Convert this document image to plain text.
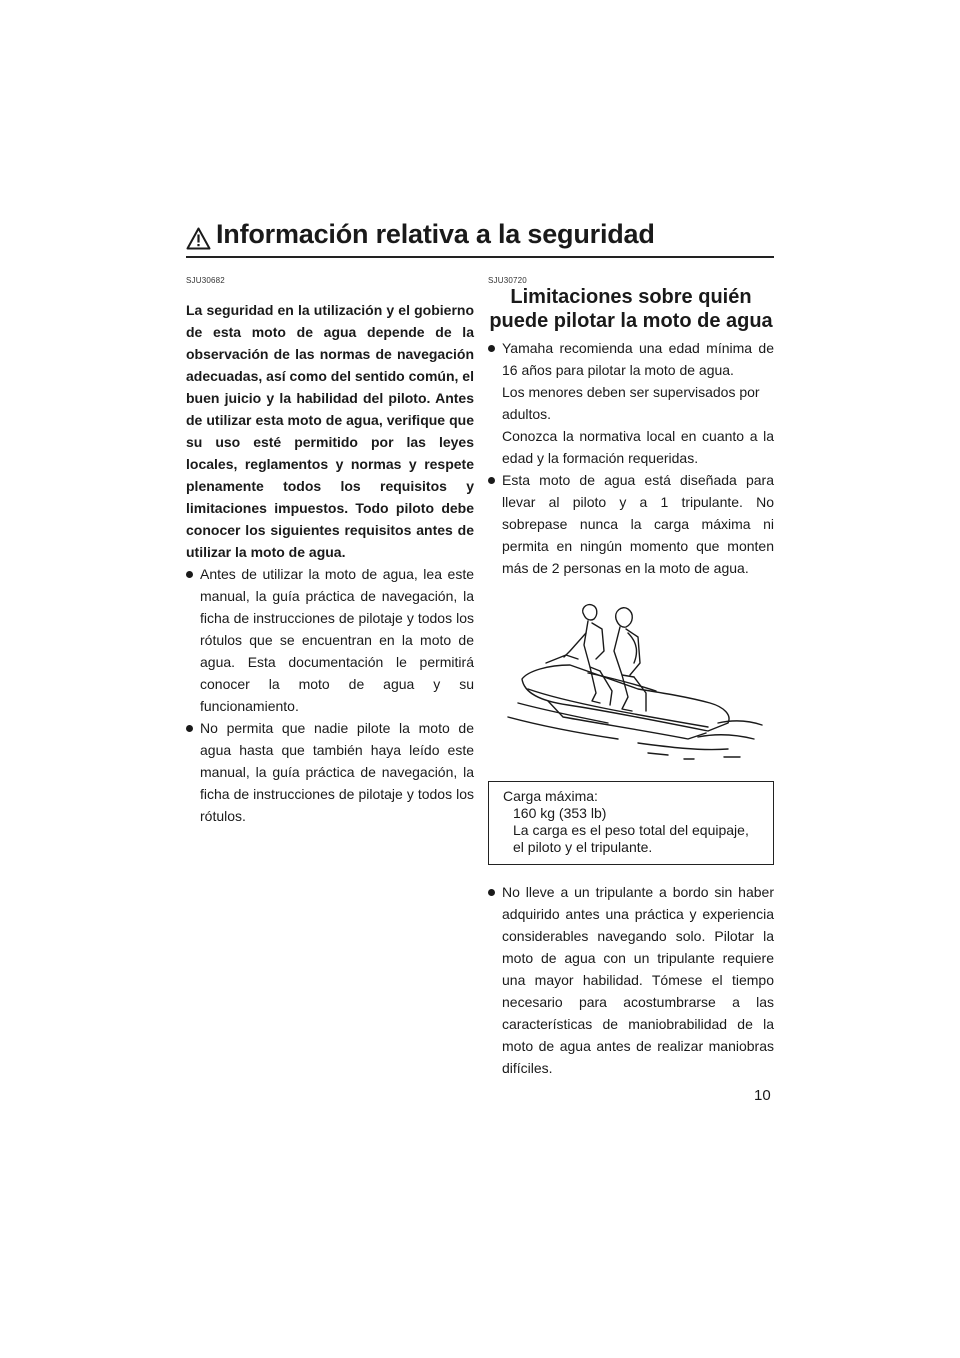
Información relativa a la seguridad
SJU30682

La seguridad en la utilización y el gobierno de esta moto de agua depende de la observación de las normas de navegación adecuadas, así como del sentido común, el buen juicio y la habilidad del piloto. Antes de utilizar esta moto de agua, verifique que su uso esté permitido por las leyes locales, reglamentos y normas y respete plenamente todos los requisitos y limitaciones impuestos. Todo piloto debe conocer los siguientes requisitos antes de utilizar la moto de agua.

Antes de utilizar la moto de agua, lea este manual, la guía práctica de navegación, la ficha de instrucciones de pilotaje y todos los rótulos que se encuentran en la moto de agua. Esta documentación le permitirá conocer la moto de agua y su funcionamiento.

No permita que nadie pilote la moto de agua hasta que también haya leído este manual, la guía práctica de navegación, la ficha de instrucciones de pilotaje y todos los rótulos.

SJU30720
Limitaciones sobre quién
puede pilotar la moto de agua

Yamaha recomienda una edad mínima de 16 años para pilotar la moto de agua.

Los menores deben ser supervisados por adultos.

Conozca la normativa local en cuanto a la edad y la formación requeridas.

Esta moto de agua está diseñada para llevar al piloto y a 1 tripulante. No sobrepase nunca la carga máxima ni permita en ningún momento que monten más de 2 personas en la moto de agua.

Carga máxima:
160 kg (353 lb)
La carga es el peso total del equipaje,
el piloto y el tripulante.

No lleve a un tripulante a bordo sin haber adquirido antes una práctica y experiencia considerables navegando solo. Pilotar la moto de agua con un tripulante requiere una mayor habilidad. Tómese el tiempo necesario para acostumbrarse a las características de maniobrabilidad de la moto de agua antes de realizar maniobras difíciles.

10
